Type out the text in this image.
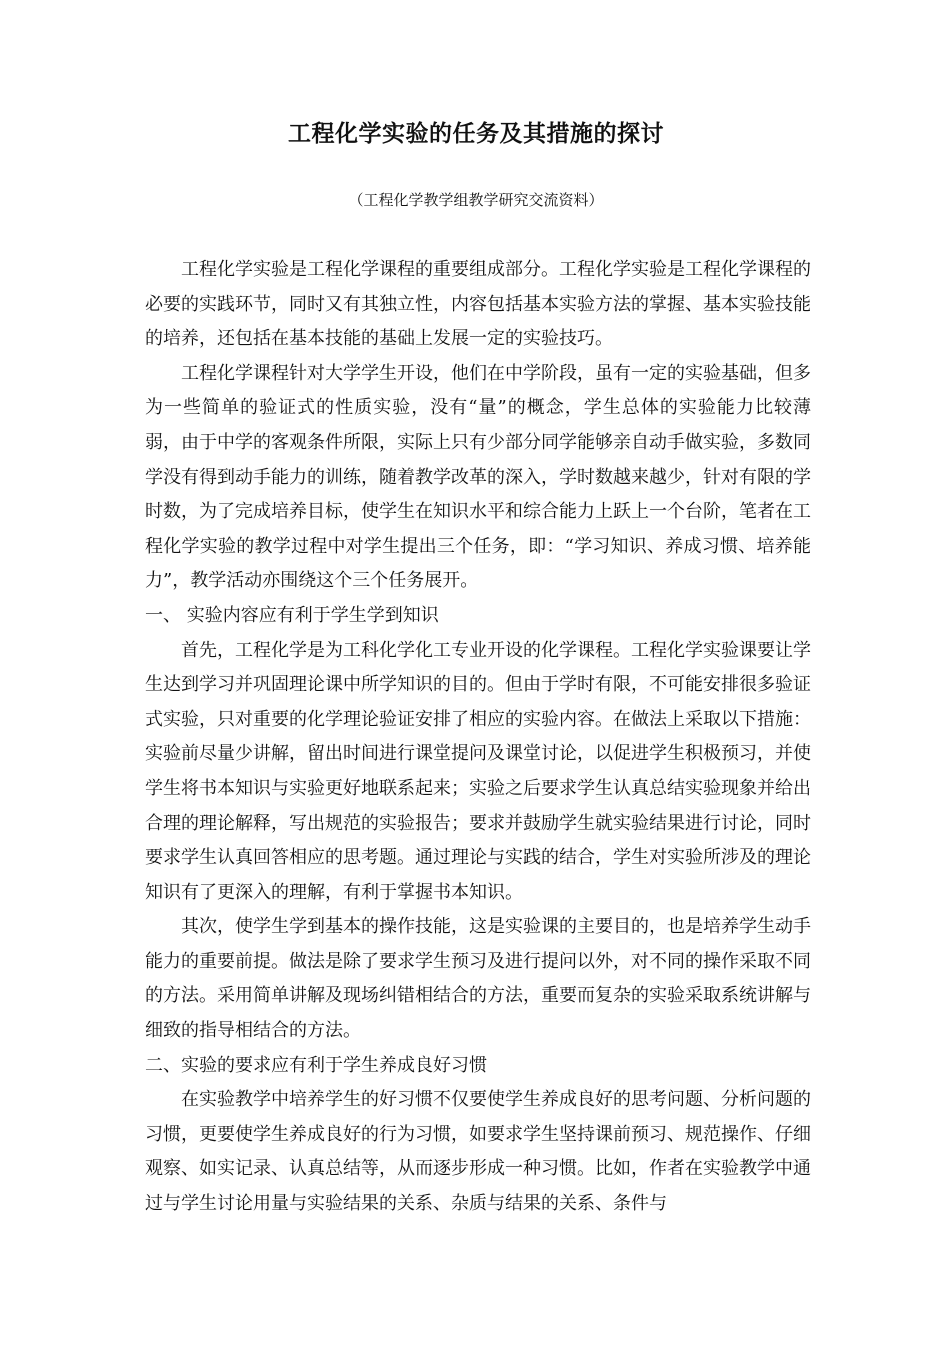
工程化学实验的任务及其措施的探讨
（工程化学教学组教学研究交流资料）

工程化学实验是工程化学课程的重要组成部分。工程化学实验是工程化学课程的必要的实践环节，同时又有其独立性，内容包括基本实验方法的掌握、基本实验技能的培养，还包括在基本技能的基础上发展一定的实验技巧。

工程化学课程针对大学学生开设，他们在中学阶段，虽有一定的实验基础，但多为一些简单的验证式的性质实验，没有“量”的概念，学生总体的实验能力比较薄弱，由于中学的客观条件所限，实际上只有少部分同学能够亲自动手做实验，多数同学没有得到动手能力的训练，随着教学改革的深入，学时数越来越少，针对有限的学时数，为了完成培养目标，使学生在知识水平和综合能力上跃上一个台阶，笔者在工程化学实验的教学过程中对学生提出三个任务，即：“学习知识、养成习惯、培养能力”，教学活动亦围绕这个三个任务展开。

一、 实验内容应有利于学生学到知识

首先，工程化学是为工科化学化工专业开设的化学课程。工程化学实验课要让学生达到学习并巩固理论课中所学知识的目的。但由于学时有限，不可能安排很多验证式实验，只对重要的化学理论验证安排了相应的实验内容。在做法上采取以下措施：实验前尽量少讲解，留出时间进行课堂提问及课堂讨论，以促进学生积极预习，并使学生将书本知识与实验更好地联系起来；实验之后要求学生认真总结实验现象并给出合理的理论解释，写出规范的实验报告；要求并鼓励学生就实验结果进行讨论，同时要求学生认真回答相应的思考题。通过理论与实践的结合，学生对实验所涉及的理论知识有了更深入的理解，有利于掌握书本知识。

其次，使学生学到基本的操作技能，这是实验课的主要目的，也是培养学生动手能力的重要前提。做法是除了要求学生预习及进行提问以外，对不同的操作采取不同的方法。采用简单讲解及现场纠错相结合的方法，重要而复杂的实验采取系统讲解与细致的指导相结合的方法。

二、实验的要求应有利于学生养成良好习惯

在实验教学中培养学生的好习惯不仅要使学生养成良好的思考问题、分析问题的习惯，更要使学生养成良好的行为习惯，如要求学生坚持课前预习、规范操作、仔细观察、如实记录、认真总结等，从而逐步形成一种习惯。比如，作者在实验教学中通过与学生讨论用量与实验结果的关系、杂质与结果的关系、条件与
